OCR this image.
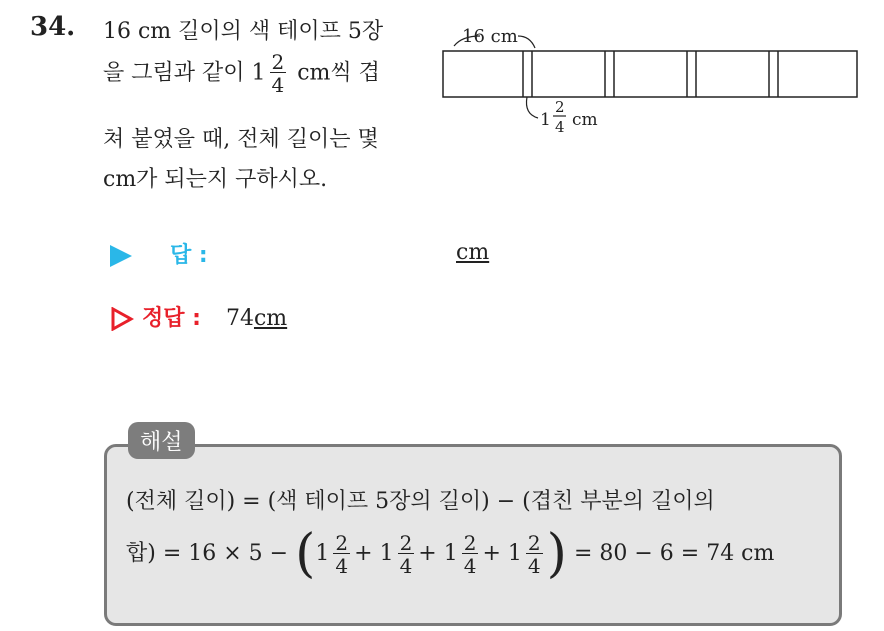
34. 16 cm 길이의 색 테이프 5장
을 그림과 같이 $1 \frac{2}{4}$ cm씩 겹
쳐 붙였을 때, 전체 길이는 몇
cm가 되는지 구하시오.
16 cm
1
2
4 cm
답 :	cm
정답 : 74cm
해설
(전체 길이) = (색 테이프 5장의 길이) − (겹친 부분의 길이의
합) = $16 \times 5 - (1 \frac{2}{4} + 1 \frac{2}{4} + 1 \frac{2}{4} + 1 \frac{2}{4}$ ) = 80 − 6 = 74 cm
